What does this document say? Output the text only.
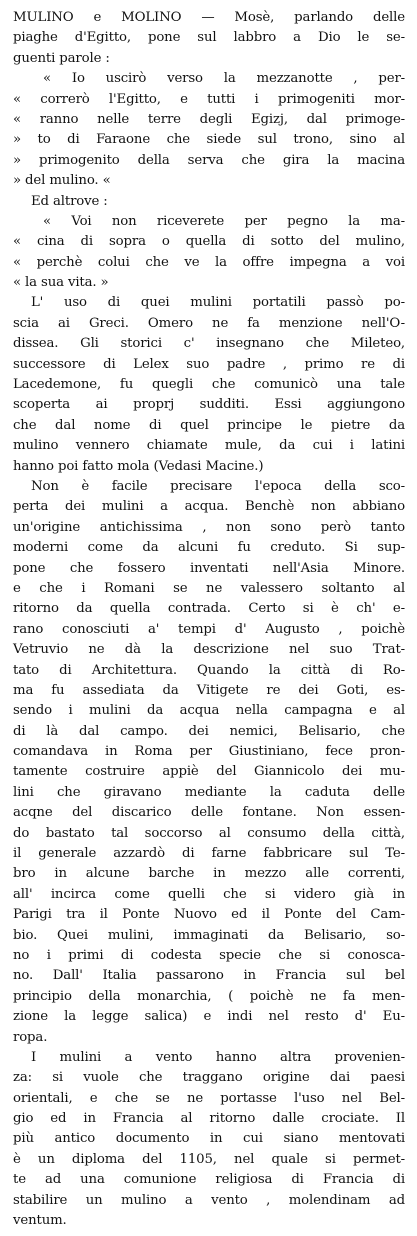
MULINO e MOLINO — Mosè, parlando delle
piaghe d'Egitto, pone sul labbro a Dio le se-
guenti parole :
« Io uscirò verso la mezzanotte , per-
« correrò l'Egitto, e tutti i primogeniti mor-
« ranno nelle terre degli Egizj, dal primoge-
» to di Faraone che siede sul trono, sino al
» primogenito della serva che gira la macina
» del mulino. «
Ed altrove :
« Voi non riceverete per pegno la ma-
« cina di sopra o quella di sotto del mulino,
« perchè colui che ve la offre impegna a voi
« la sua vita. »
L' uso di quei mulini portatili passò po-
scia ai Greci. Omero ne fa menzione nell'O-
dissea. Gli storici c' insegnano che Mileteo,
successore di Lelex suo padre , primo re di
Lacedemone, fu quegli che comunicò una tale
scoperta ai proprj sudditi. Essi aggiungono
che dal nome di quel principe le pietre da
mulino vennero chiamate mule, da cui i latini
hanno poi fatto mola (Vedasi Macine.)
Non è facile precisare l'epoca della sco-
perta dei mulini a acqua. Benchè non abbiano
un'origine antichissima , non sono però tanto
moderni come da alcuni fu creduto. Si sup-
pone che fossero inventati nell'Asia Minore.
e che i Romani se ne valessero soltanto al
ritorno da quella contrada. Certo si è ch' e-
rano conosciuti a' tempi d' Augusto , poichè
Vetruvio ne dà la descrizione nel suo Trat-
tato di Architettura. Quando la città di Ro-
ma fu assediata da Vitigete re dei Goti, es-
sendo i mulini da acqua nella campagna e al
di là dal campo. dei nemici, Belisario, che
comandava in Roma per Giustiniano, fece pron-
tamente costruire appiè del Giannicolo dei mu-
lini che giravano mediante la caduta delle
acqne del discarico delle fontane. Non essen-
do bastato tal soccorso al consumo della città,
il generale azzardò di farne fabbricare sul Te-
bro in alcune barche in mezzo alle correnti,
all' incirca come quelli che si videro già in
Parigi tra il Ponte Nuovo ed il Ponte del Cam-
bio. Quei mulini, immaginati da Belisario, so-
no i primi di codesta specie che si conosca-
no. Dall' Italia passarono in Francia sul bel
principio della monarchia, ( poichè ne fa men-
zione la legge salica) e indi nel resto d' Eu-
ropa.
I mulini a vento hanno altra provenien-
za: si vuole che traggano origine dai paesi
orientali, e che se ne portasse l'uso nel Bel-
gio ed in Francia al ritorno dalle crociate. Il
più antico documento in cui siano mentovati
è un diploma del 1105, nel quale si permet-
te ad una comunione religiosa di Francia di
stabilire un mulino a vento , molendinam ad
ventum.
